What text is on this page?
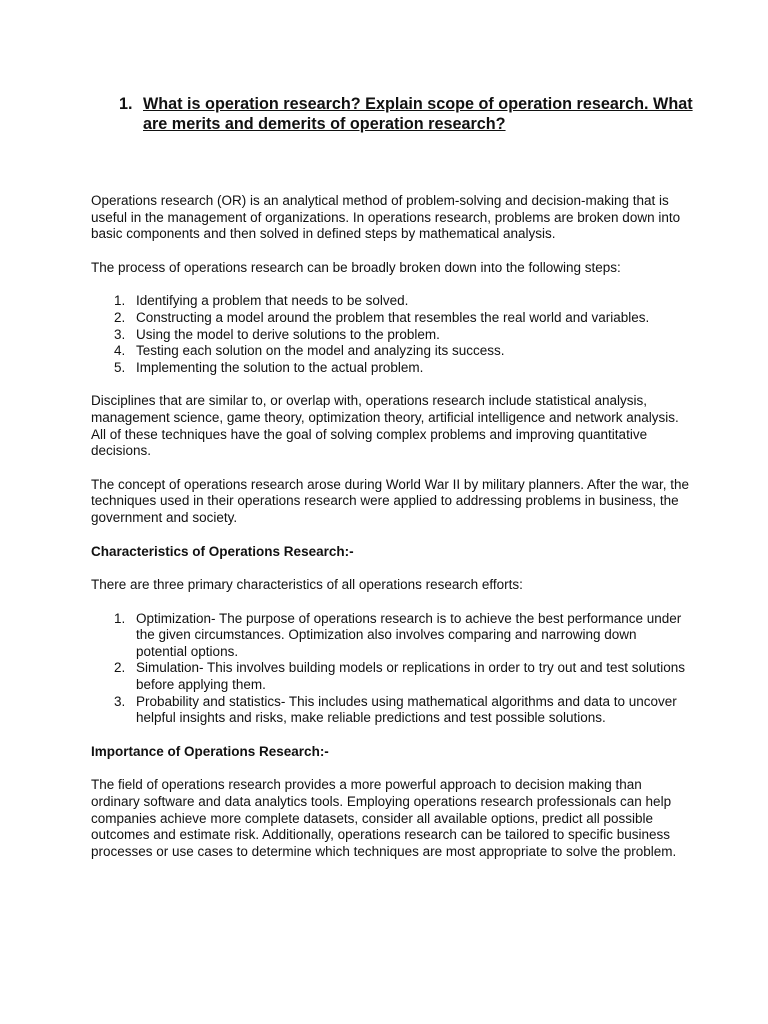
1. What is operation research? Explain scope of operation research. What are merits and demerits of operation research?

Operations research (OR) is an analytical method of problem-solving and decision-making that is useful in the management of organizations. In operations research, problems are broken down into basic components and then solved in defined steps by mathematical analysis.

The process of operations research can be broadly broken down into the following steps:

1. Identifying a problem that needs to be solved.
2. Constructing a model around the problem that resembles the real world and variables.
3. Using the model to derive solutions to the problem.
4. Testing each solution on the model and analyzing its success.
5. Implementing the solution to the actual problem.

Disciplines that are similar to, or overlap with, operations research include statistical analysis, management science, game theory, optimization theory, artificial intelligence and network analysis. All of these techniques have the goal of solving complex problems and improving quantitative decisions.

The concept of operations research arose during World War II by military planners. After the war, the techniques used in their operations research were applied to addressing problems in business, the government and society.

Characteristics of Operations Research:-

There are three primary characteristics of all operations research efforts:

1. Optimization- The purpose of operations research is to achieve the best performance under the given circumstances. Optimization also involves comparing and narrowing down potential options.
2. Simulation- This involves building models or replications in order to try out and test solutions before applying them.
3. Probability and statistics- This includes using mathematical algorithms and data to uncover helpful insights and risks, make reliable predictions and test possible solutions.

Importance of Operations Research:-

The field of operations research provides a more powerful approach to decision making than ordinary software and data analytics tools. Employing operations research professionals can help companies achieve more complete datasets, consider all available options, predict all possible outcomes and estimate risk. Additionally, operations research can be tailored to specific business processes or use cases to determine which techniques are most appropriate to solve the problem.
